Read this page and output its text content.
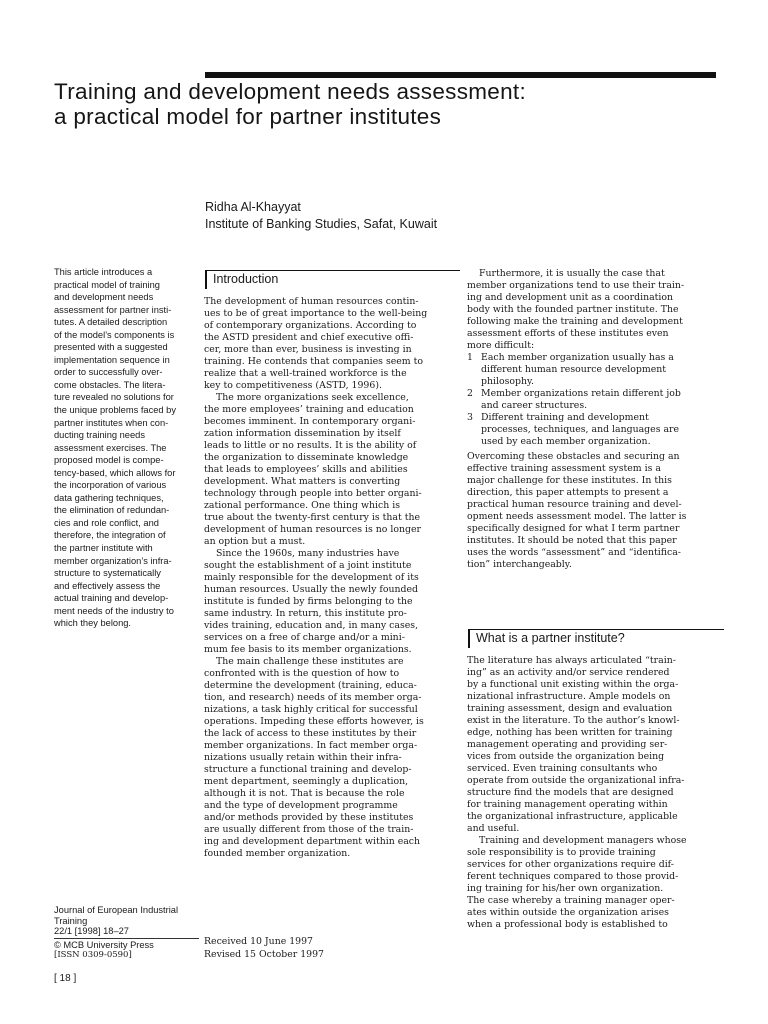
Training and development needs assessment:
a practical model for partner institutes
Ridha Al-Khayyat
Institute of Banking Studies, Safat, Kuwait
This article introduces a
practical model of training
and development needs
assessment for partner insti-
tutes. A detailed description
of the model’s components is
presented with a suggested
implementation sequence in
order to successfully over-
come obstacles. The litera-
ture revealed no solutions for
the unique problems faced by
partner institutes when con-
ducting training needs
assessment exercises. The
proposed model is compe-
tency-based, which allows for
the incorporation of various
data gathering techniques,
the elimination of redundan-
cies and role conflict, and
therefore, the integration of
the partner institute with
member organization’s infra-
structure to systematically
and effectively assess the
actual training and develop-
ment needs of the industry to
which they belong.
Journal of European Industrial
Training
22/1 [1998] 18–27
© MCB University Press
[ISSN 0309-0590]
[ 18 ]
Introduction
The development of human resources contin-
ues to be of great importance to the well-being
of contemporary organizations. According to
the ASTD president and chief executive offi-
cer, more than ever, business is investing in
training. He contends that companies seem to
realize that a well-trained workforce is the
key to competitiveness (ASTD, 1996).
The more organizations seek excellence,
the more employees’ training and education
becomes imminent. In contemporary organi-
zation information dissemination by itself
leads to little or no results. It is the ability of
the organization to disseminate knowledge
that leads to employees’ skills and abilities
development. What matters is converting
technology through people into better organi-
zational performance. One thing which is
true about the twenty-first century is that the
development of human resources is no longer
an option but a must.
Since the 1960s, many industries have
sought the establishment of a joint institute
mainly responsible for the development of its
human resources. Usually the newly founded
institute is funded by firms belonging to the
same industry. In return, this institute pro-
vides training, education and, in many cases,
services on a free of charge and/or a mini-
mum fee basis to its member organizations.
The main challenge these institutes are
confronted with is the question of how to
determine the development (training, educa-
tion, and research) needs of its member orga-
nizations, a task highly critical for successful
operations. Impeding these efforts however, is
the lack of access to these institutes by their
member organizations. In fact member orga-
nizations usually retain within their infra-
structure a functional training and develop-
ment department, seemingly a duplication,
although it is not. That is because the role
and the type of development programme
and/or methods provided by these institutes
are usually different from those of the train-
ing and development department within each
founded member organization.
Received 10 June 1997
Revised 15 October 1997
Furthermore, it is usually the case that
member organizations tend to use their train-
ing and development unit as a coordination
body with the founded partner institute. The
following make the training and development
assessment efforts of these institutes even
more difficult:
1 Each member organization usually has a
different human resource development
philosophy.
2 Member organizations retain different job
and career structures.
3 Different training and development
processes, techniques, and languages are
used by each member organization.
Overcoming these obstacles and securing an
effective training assessment system is a
major challenge for these institutes. In this
direction, this paper attempts to present a
practical human resource training and devel-
opment needs assessment model. The latter is
specifically designed for what I term partner
institutes. It should be noted that this paper
uses the words “assessment” and “identifica-
tion” interchangeably.
What is a partner institute?
The literature has always articulated “train-
ing” as an activity and/or service rendered
by a functional unit existing within the orga-
nizational infrastructure. Ample models on
training assessment, design and evaluation
exist in the literature. To the author’s knowl-
edge, nothing has been written for training
management operating and providing ser-
vices from outside the organization being
serviced. Even training consultants who
operate from outside the organizational infra-
structure find the models that are designed
for training management operating within
the organizational infrastructure, applicable
and useful.
Training and development managers whose
sole responsibility is to provide training
services for other organizations require dif-
ferent techniques compared to those provid-
ing training for his/her own organization.
The case whereby a training manager oper-
ates within outside the organization arises
when a professional body is established to
